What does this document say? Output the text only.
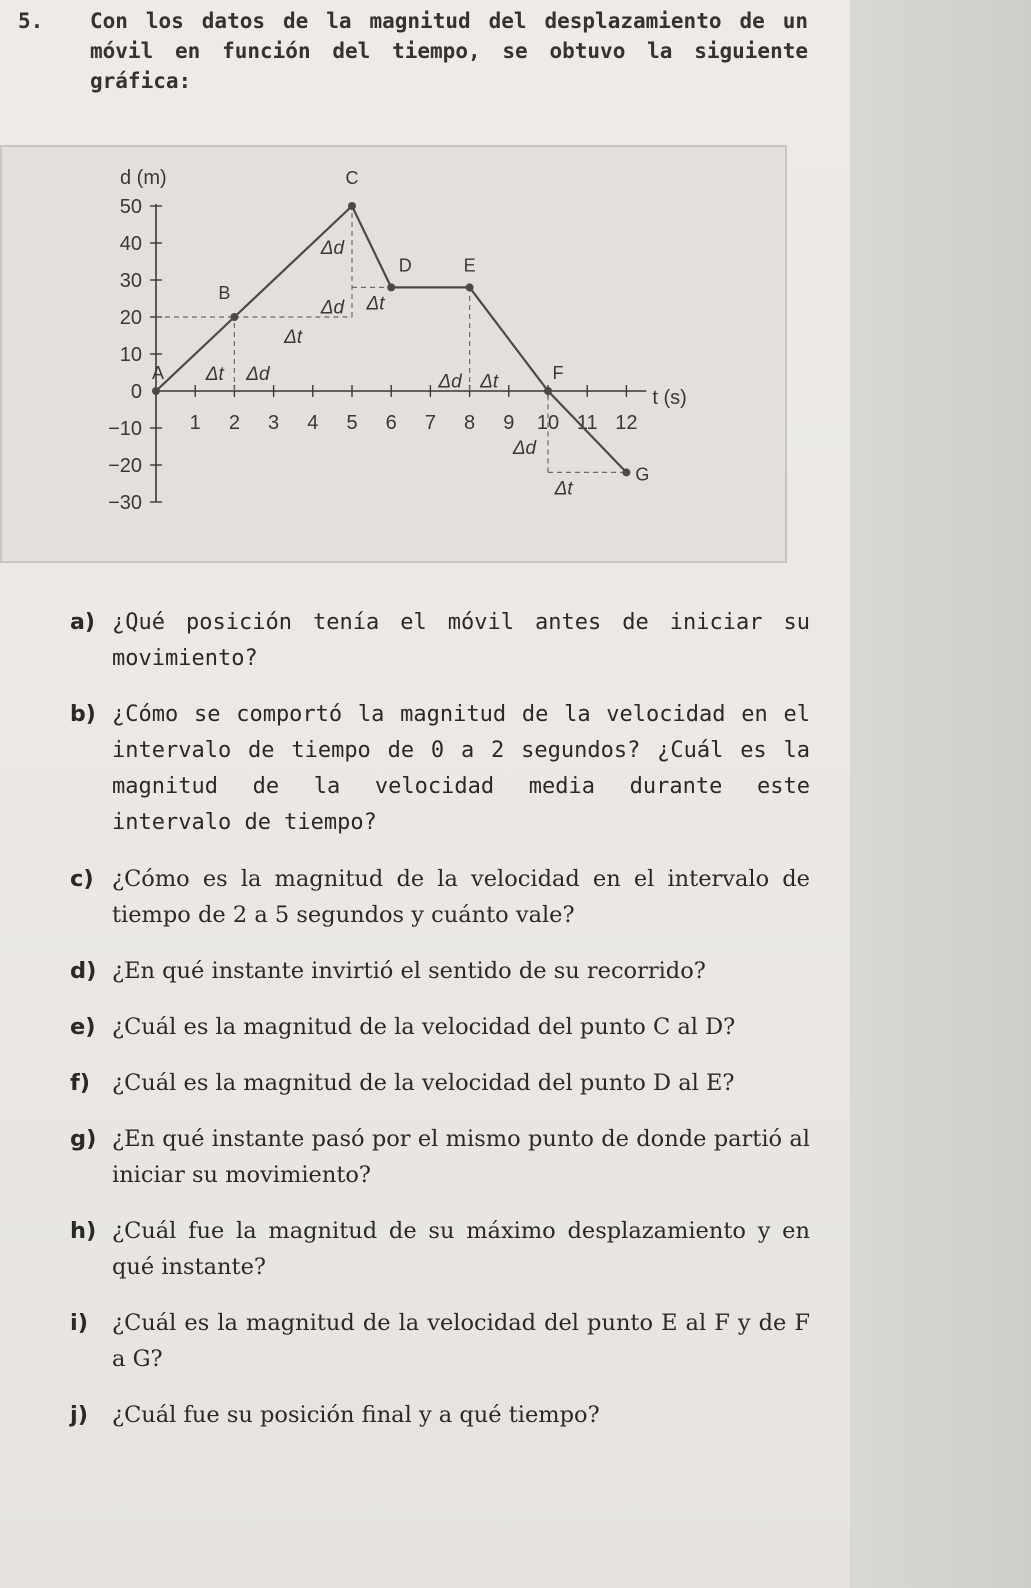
5. Con los datos de la magnitud del desplazamiento de un móvil en función del tiempo, se obtuvo la siguiente gráfica:
50
40
30
20
10
0
−10
−20
−30
1 2 3 4 5 6 7 8 9 10 11 12
d (m)
t (s)
A
B
C
D	E
F
G
Δt Δd
Δt
Δd
Δd Δt
Δd Δt
Δd
Δt
a) ¿Qué posición tenía el móvil antes de iniciar su movimiento?
b) ¿Cómo se comportó la magnitud de la velocidad en el intervalo de tiempo de 0 a 2 segundos? ¿Cuál es la magnitud de la velocidad media durante este intervalo de tiempo?
c) ¿Cómo es la magnitud de la velocidad en el intervalo de tiempo de 2 a 5 segundos y cuánto vale?
d) ¿En qué instante invirtió el sentido de su recorrido?
e) ¿Cuál es la magnitud de la velocidad del punto C al D?
f) ¿Cuál es la magnitud de la velocidad del punto D al E?
g) ¿En qué instante pasó por el mismo punto de donde partió al iniciar su movimiento?
h) ¿Cuál fue la magnitud de su máximo desplazamiento y en qué instante?
i) ¿Cuál es la magnitud de la velocidad del punto E al F y de F a G?
j) ¿Cuál fue su posición final y a qué tiempo?
